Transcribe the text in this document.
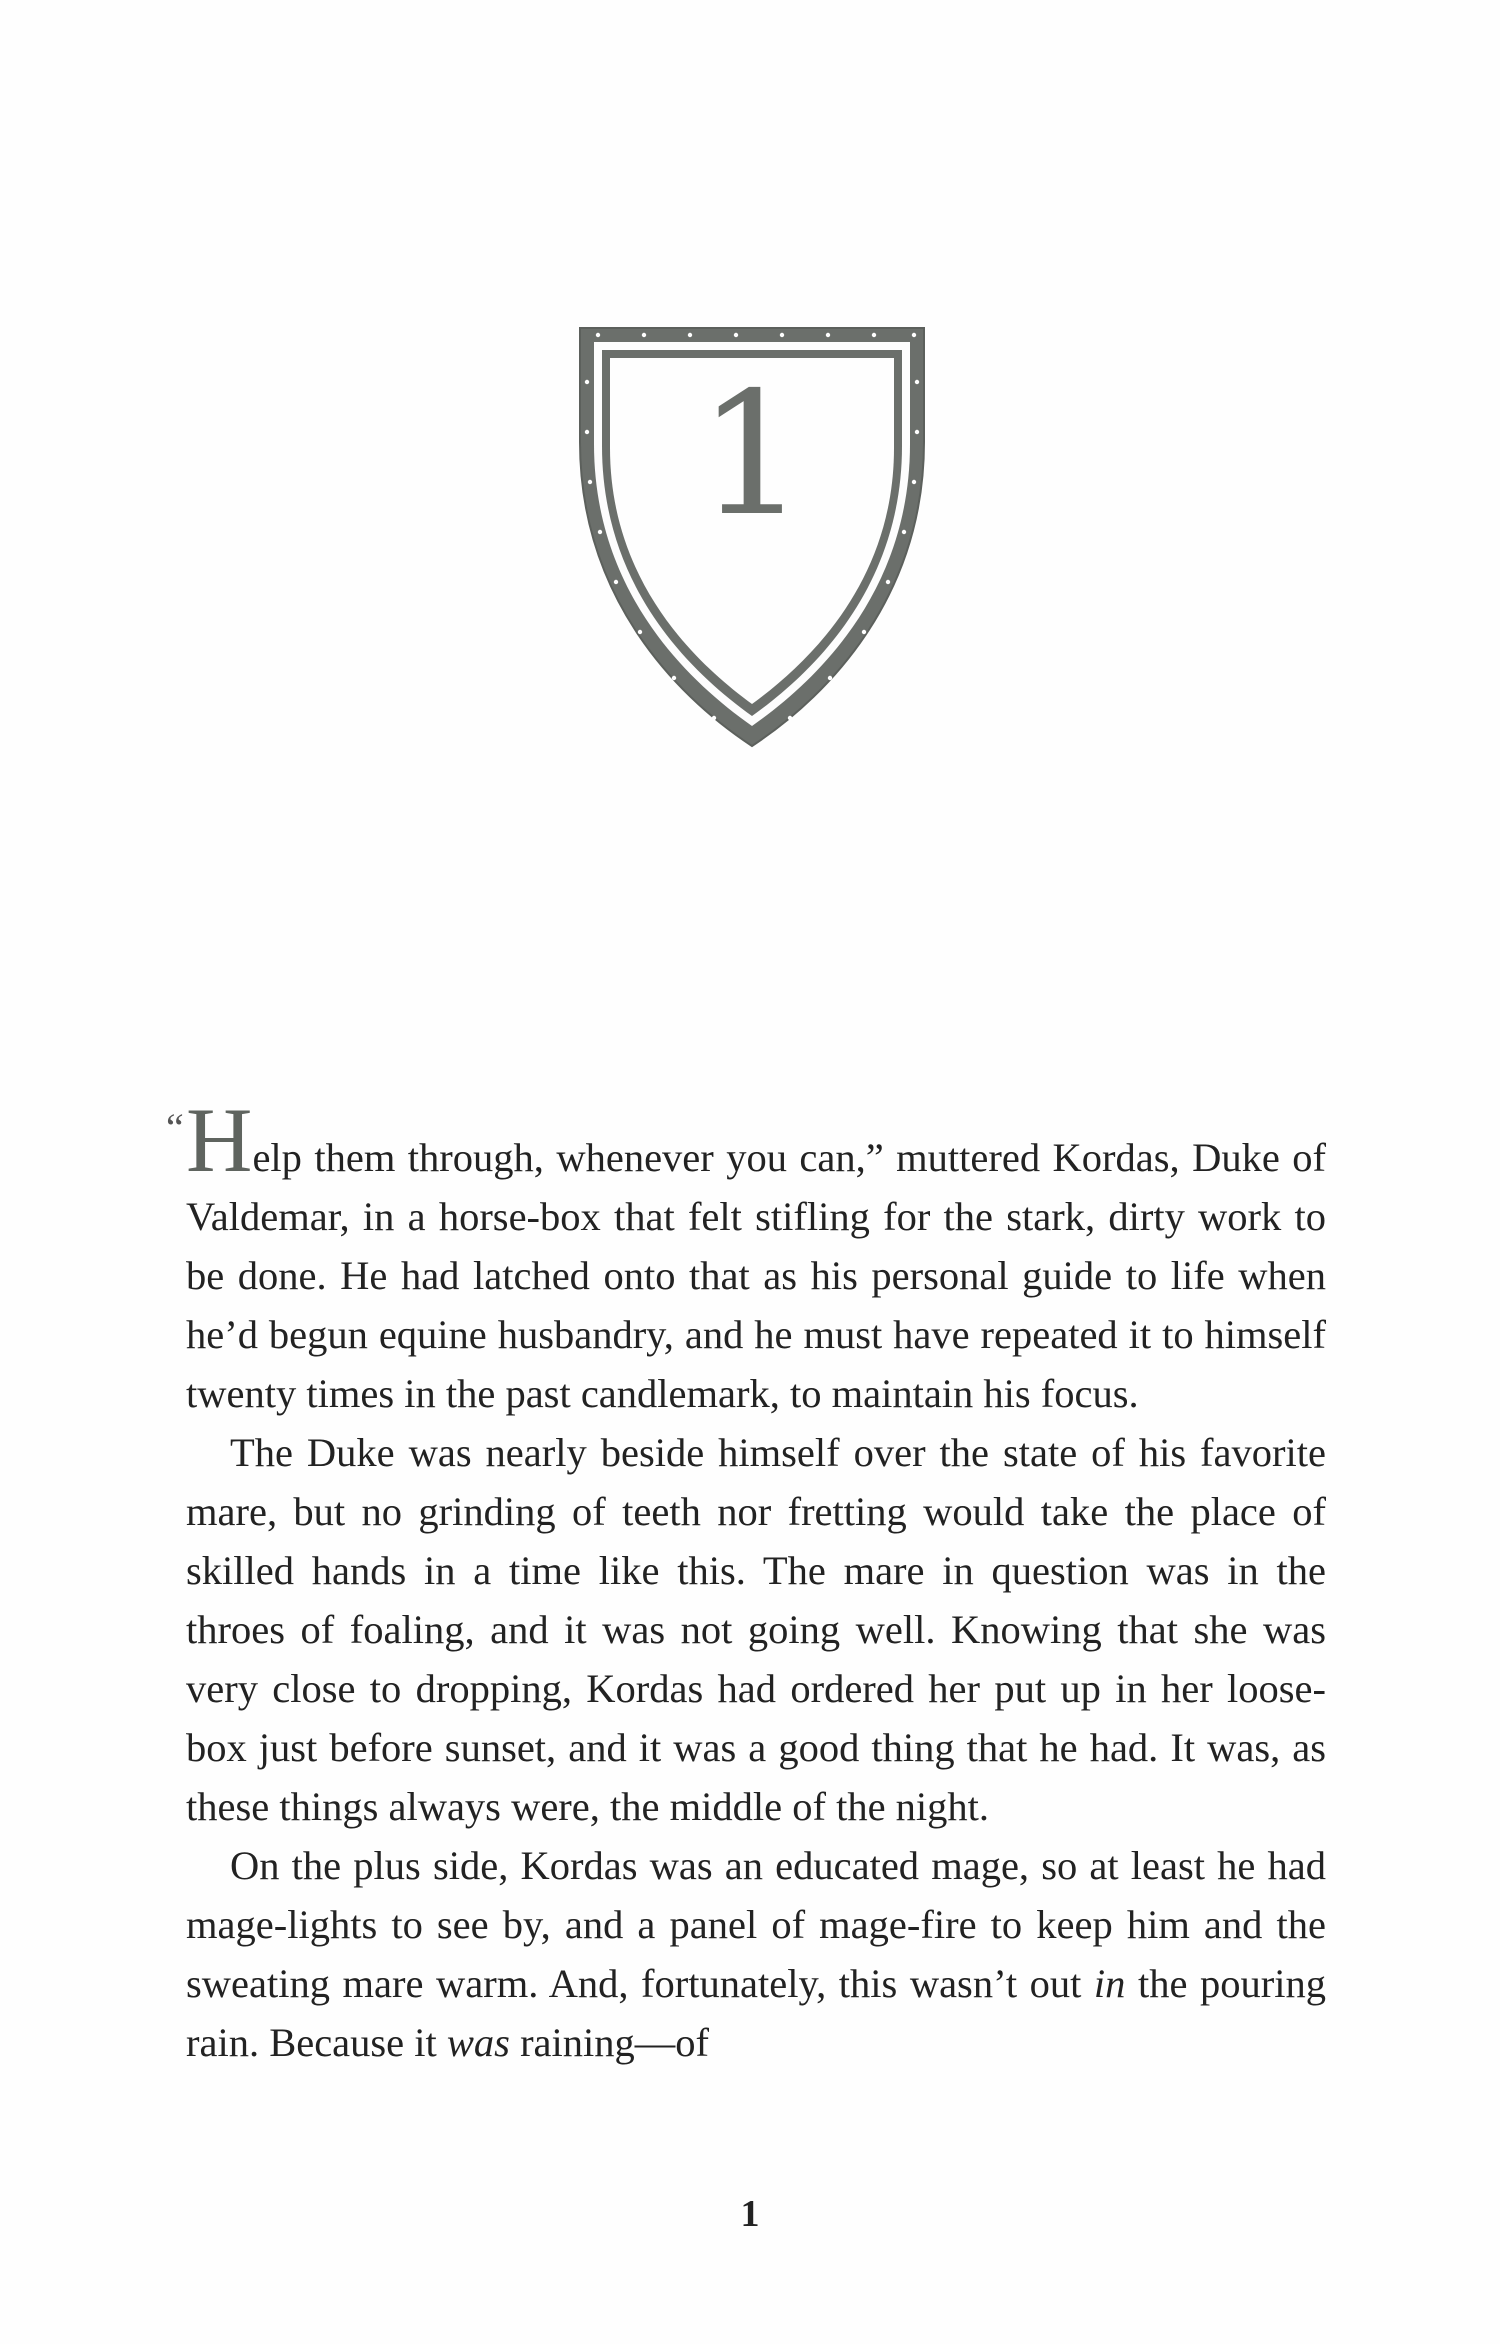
1

“ Help them through, whenever you can,” muttered Kordas, Duke of Valdemar, in a horse-box that felt stifling for the stark, dirty work to be done. He had latched onto that as his personal guide to life when he’d begun equine husbandry, and he must have repeated it to himself twenty times in the past candlemark, to maintain his focus.

The Duke was nearly beside himself over the state of his favorite mare, but no grinding of teeth nor fretting would take the place of skilled hands in a time like this. The mare in question was in the throes of foaling, and it was not going well. Knowing that she was very close to dropping, Kordas had ordered her put up in her loose-box just before sunset, and it was a good thing that he had. It was, as these things always were, the middle of the night.

On the plus side, Kordas was an educated mage, so at least he had mage-lights to see by, and a panel of mage-fire to keep him and the sweating mare warm. And, fortunately, this wasn’t out in the pouring rain. Because it was raining—of

1
